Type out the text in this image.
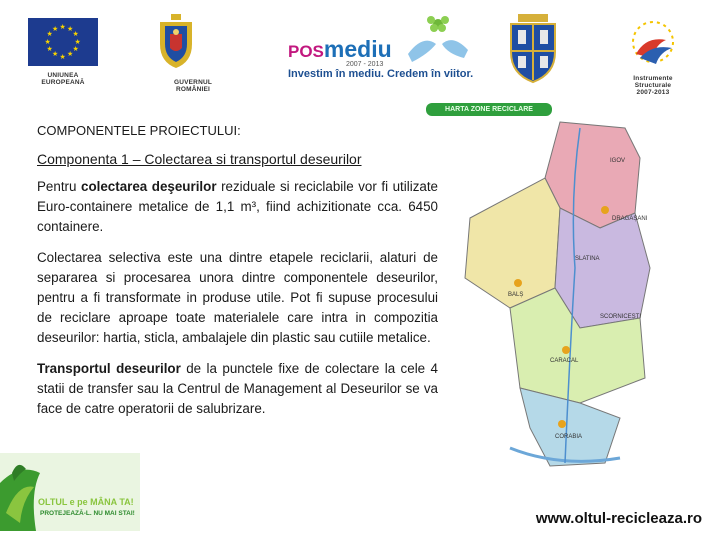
★
★
★
★
★
★
★
★
★ ★ ★
★
UNIUNEA EUROPEANĂ	GUVERNUL ROMÂNIEI
POSmediu
2007 - 2013
Investim în mediu. Credem în viitor.	Instrumente Structurale
2007-2013
HARTA ZONE RECICLARE
IGOV
DRAGAȘANI
SLATINA
CARACAL
CORABIA
BALȘ
SCORNICEȘTI
COMPONENTELE PROIECTULUI:
Componenta 1 – Colectarea si transportul deseurilor

Pentru colectarea deşeurilor reziduale si reciclabile vor fi utilizate Euro-containere metalice de 1,1 m³, fiind achizitionate cca. 6450 containere.

Colectarea selectiva este una dintre etapele reciclarii, alaturi de separarea si procesarea unora dintre componentele deseurilor, pentru a fi transformate in produse utile. Pot fi supuse procesului de reciclare aproape toate materialele care intra in compozitia deseurilor: hartia, sticla, ambalajele din plastic sau cutiile metalice.

Transportul deseurilor de la punctele fixe de colectare la cele 4 statii de transfer sau la Centrul de Management al Deseurilor se va face de catre operatorii de salubrizare.

OLTUL e pe MÂNA TA!
PROTEJEAZĂ-L. NU MAI STAI!	www.oltul-recicleaza.ro
